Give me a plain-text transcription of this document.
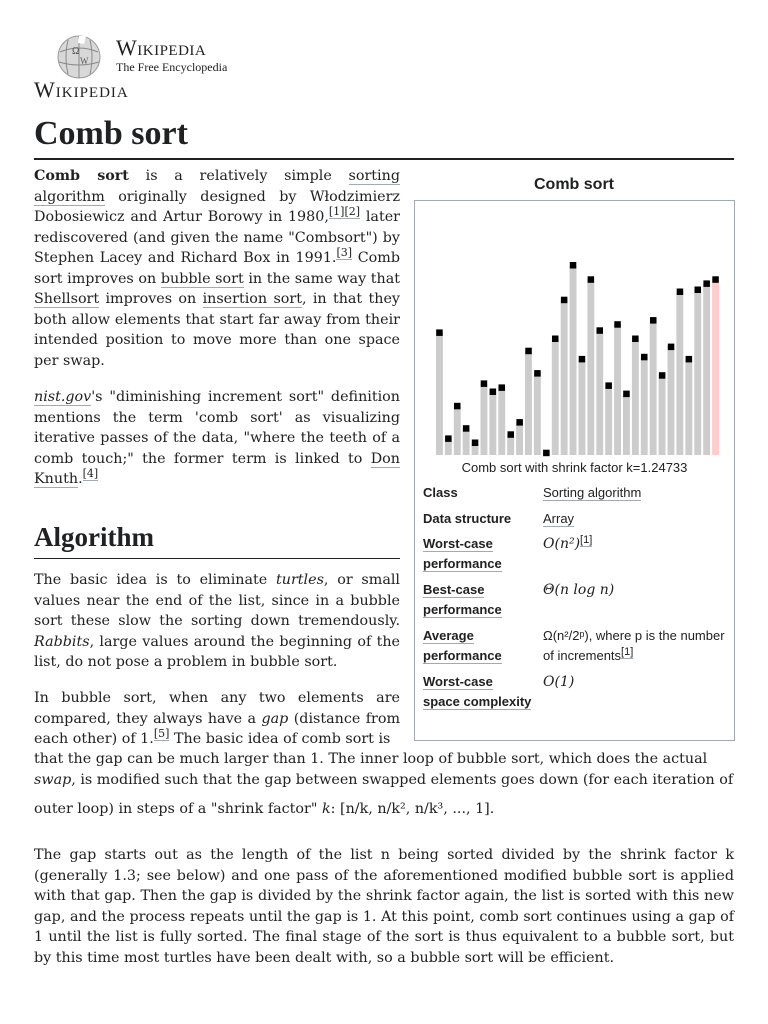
Ω
W
Wikipedia
The Free Encyclopedia
Wikipedia
Comb sort

Comb sort is a relatively simple sorting algorithm originally designed by Włodzimierz Dobosiewicz and Artur Borowy in 1980,[1][2] later rediscovered (and given the name "Combsort") by Stephen Lacey and Richard Box in 1991.[3] Comb sort improves on bubble sort in the same way that Shellsort improves on insertion sort, in that they both allow elements that start far away from their intended position to move more than one space per swap.

nist.gov's "diminishing increment sort" definition mentions the term 'comb sort' as visualizing iterative passes of the data, "where the teeth of a comb touch;" the former term is linked to Don Knuth.[4]

Algorithm

The basic idea is to eliminate turtles, or small values near the end of the list, since in a bubble sort these slow the sorting down tremendously. Rabbits, large values around the beginning of the list, do not pose a problem in bubble sort.

In bubble sort, when any two elements are compared, they always have a gap (distance from each other) of 1.[5] The basic idea of comb sort is

that the gap can be much larger than 1. The inner loop of bubble sort, which does the actual
swap, is modified such that the gap between swapped elements goes down (for each iteration of

outer loop) in steps of a "shrink factor" k: [n/k, n/k², n/k³, ..., 1].

The gap starts out as the length of the list n being sorted divided by the shrink factor k (generally 1.3; see below) and one pass of the aforementioned modified bubble sort is applied with that gap. Then the gap is divided by the shrink factor again, the list is sorted with this new gap, and the process repeats until the gap is 1. At this point, comb sort continues using a gap of 1 until the list is fully sorted. The final stage of the sort is thus equivalent to a bubble sort, but by this time most turtles have been dealt with, so a bubble sort will be efficient.

Comb sort
Comb sort with shrink factor k=1.24733
Class	Sorting algorithm
Data structure	Array
Worst-case performance
O(n²)[1]
Best-case performance
Θ(n log n)
Average performance
Ω(n²/2ᵖ), where p is the number of increments[1]
Worst-case space complexity
O(1)
